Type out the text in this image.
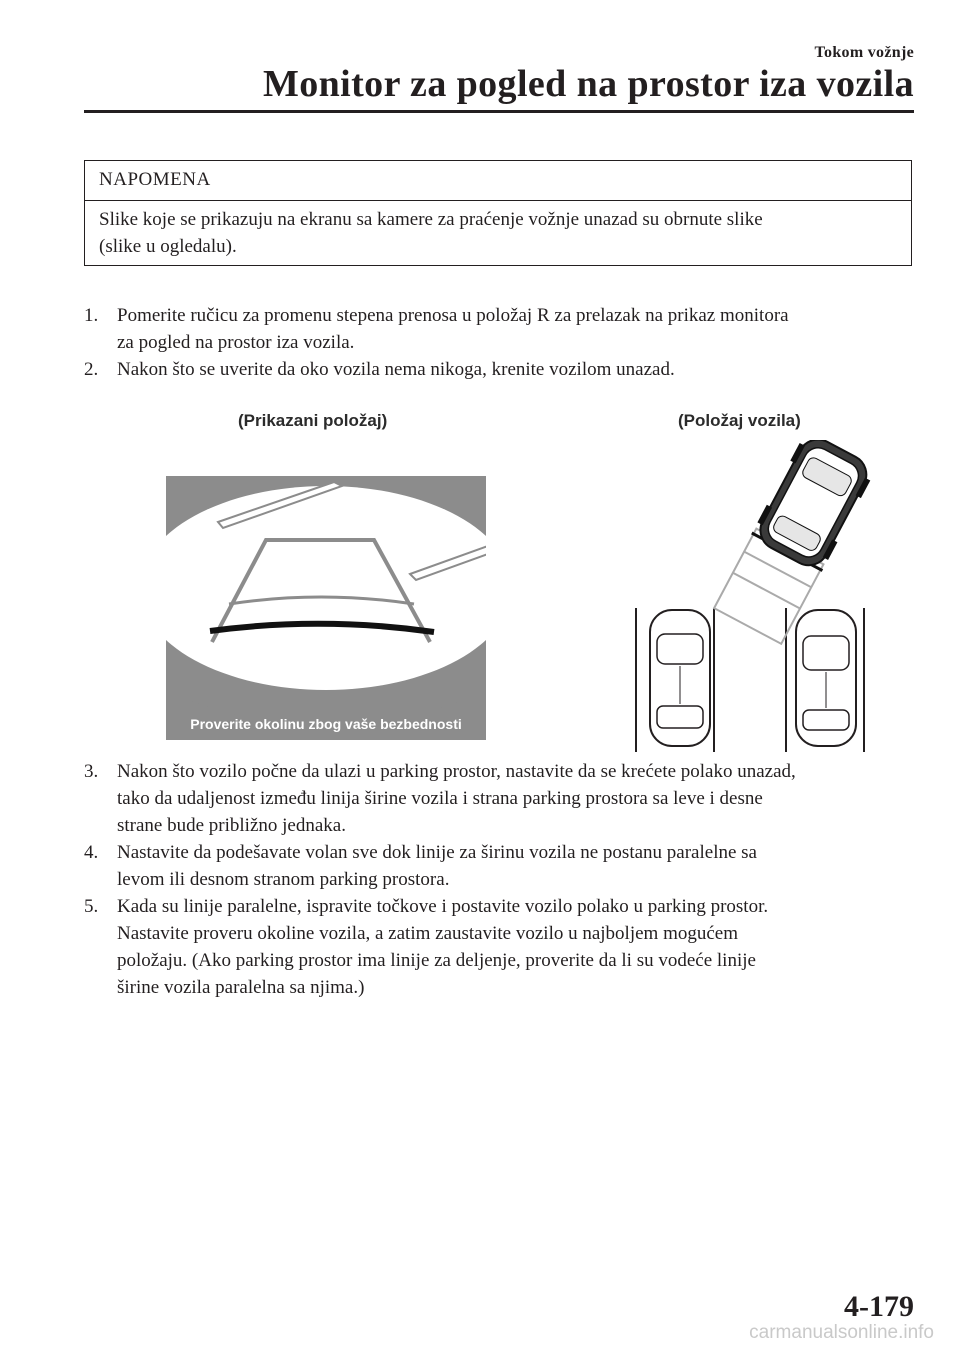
Tokom vožnje
Monitor za pogled na prostor iza vozila
NAPOMENA
Slike koje se prikazuju na ekranu sa kamere za praćenje vožnje unazad su obrnute slike
(slike u ogledalu).
1. Pomerite ručicu za promenu stepena prenosa u položaj R za prelazak na prikaz monitora
za pogled na prostor iza vozila.
2. Nakon što se uverite da oko vozila nema nikoga, krenite vozilom unazad.
(Prikazani položaj)	(Položaj vozila)
Proverite okolinu zbog vaše bezbednosti
3. Nakon što vozilo počne da ulazi u parking prostor, nastavite da se krećete polako unazad,
tako da udaljenost između linija širine vozila i strana parking prostora sa leve i desne
strane bude približno jednaka.
4. Nastavite da podešavate volan sve dok linije za širinu vozila ne postanu paralelne sa
levom ili desnom stranom parking prostora.
5. Kada su linije paralelne, ispravite točkove i postavite vozilo polako u parking prostor.
Nastavite proveru okoline vozila, a zatim zaustavite vozilo u najboljem mogućem
položaju. (Ako parking prostor ima linije za deljenje, proverite da li su vodeće linije
širine vozila paralelna sa njima.)
4-179
carmanualsonline.info
